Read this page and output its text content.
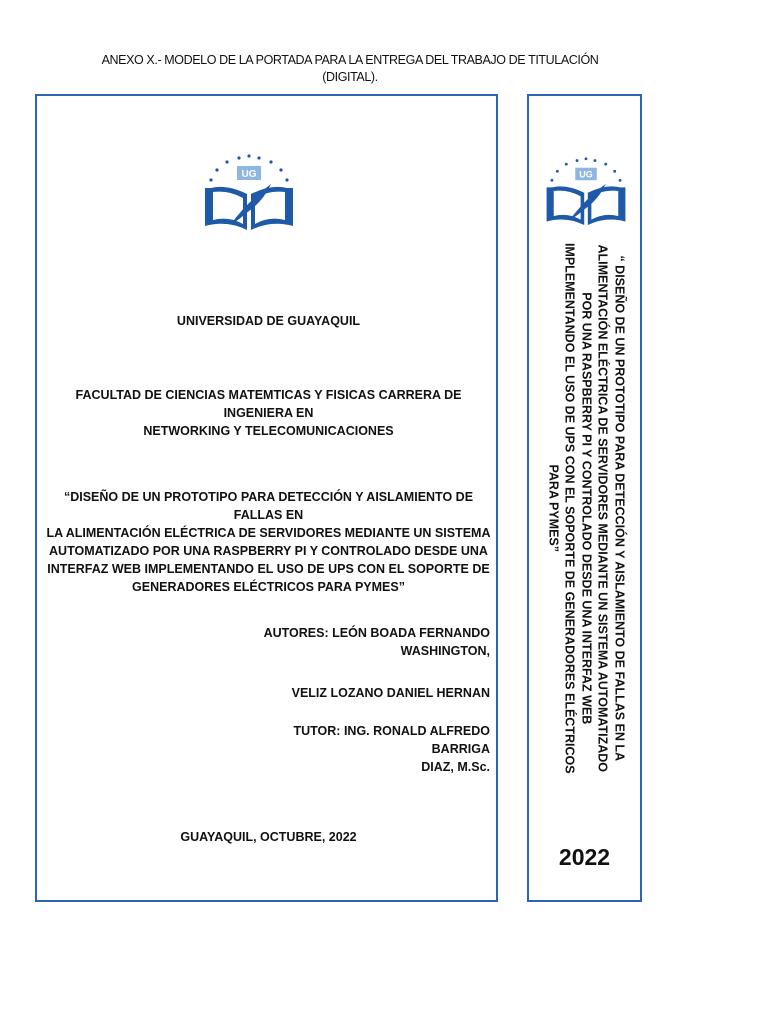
ANEXO X.- MODELO DE LA PORTADA PARA LA ENTREGA DEL TRABAJO DE TITULACIÓN
(DIGITAL).
UG
UNIVERSIDAD DE GUAYAQUIL
FACULTAD DE CIENCIAS MATEMTICAS Y FISICAS CARRERA DE INGENIERA EN
NETWORKING Y TELECOMUNICACIONES
“DISEÑO DE UN PROTOTIPO PARA DETECCIÓN Y AISLAMIENTO DE FALLAS EN
LA ALIMENTACIÓN ELÉCTRICA DE SERVIDORES MEDIANTE UN SISTEMA
AUTOMATIZADO POR UNA RASPBERRY PI Y CONTROLADO DESDE UNA
INTERFAZ WEB IMPLEMENTANDO EL USO DE UPS CON EL SOPORTE DE
GENERADORES ELÉCTRICOS PARA PYMES”
AUTORES: LEÓN BOADA FERNANDO
WASHINGTON,
VELIZ LOZANO DANIEL HERNAN
TUTOR: ING. RONALD ALFREDO BARRIGA
DIAZ, M.Sc.
GUAYAQUIL, OCTUBRE, 2022
UG
“ DISEÑO DE UN PROTOTIPO PARA DETECCIÓN Y AISLAMIENTO DE FALLAS EN LA
ALIMENTACIÓN ELÉCTRICA DE SERVIDORES MEDIANTE UN SISTEMA AUTOMATIZADO
POR UNA RASPBERRY PI Y CONTROLADO DESDE UNA INTERFAZ WEB
IMPLEMENTANDO EL USO DE UPS CON EL SOPORTE DE GENERADORES ELÉCTRICOS
PARA PYMES”
2022
